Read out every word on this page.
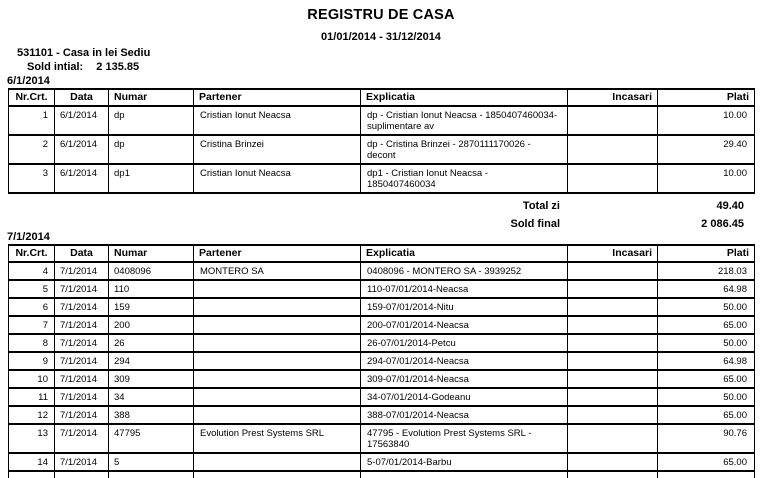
REGISTRU DE CASA
01/01/2014 - 31/12/2014
531101 - Casa in lei Sediu
Sold intial: 2 135.85
6/1/2014
Nr.Crt.	Data	Numar	Partener	Explicatia	Incasari	Plati
1	6/1/2014	dp	Cristian Ionut Neacsa	dp - Cristian Ionut Neacsa - 1850407460034- suplimentare av		10.00
2	6/1/2014	dp	Cristina Brinzei	dp - Cristina Brinzei - 2870111170026 - decont		29.40
3	6/1/2014	dp1	Cristian Ionut Neacsa	dp1 - Cristian Ionut Neacsa - 1850407460034		10.00
Total zi	49.40
Sold final	2 086.45
7/1/2014
Nr.Crt.	Data	Numar	Partener	Explicatia	Incasari	Plati
4	7/1/2014	0408096	MONTERO SA	0408096 - MONTERO SA - 3939252		218.03
5	7/1/2014	110		110-07/01/2014-Neacsa		64.98
6	7/1/2014	159		159-07/01/2014-Nitu		50.00
7	7/1/2014	200		200-07/01/2014-Neacsa		65.00
8	7/1/2014	26		26-07/01/2014-Petcu		50.00
9	7/1/2014	294		294-07/01/2014-Neacsa		64.98
10	7/1/2014	309		309-07/01/2014-Neacsa		65.00
11	7/1/2014	34		34-07/01/2014-Godeanu		50.00
12	7/1/2014	388		388-07/01/2014-Neacsa		65.00
13	7/1/2014	47795	Evolution Prest Systems SRL	47795 - Evolution Prest Systems SRL - 17563840		90.76
14	7/1/2014	5		5-07/01/2014-Barbu		65.00
